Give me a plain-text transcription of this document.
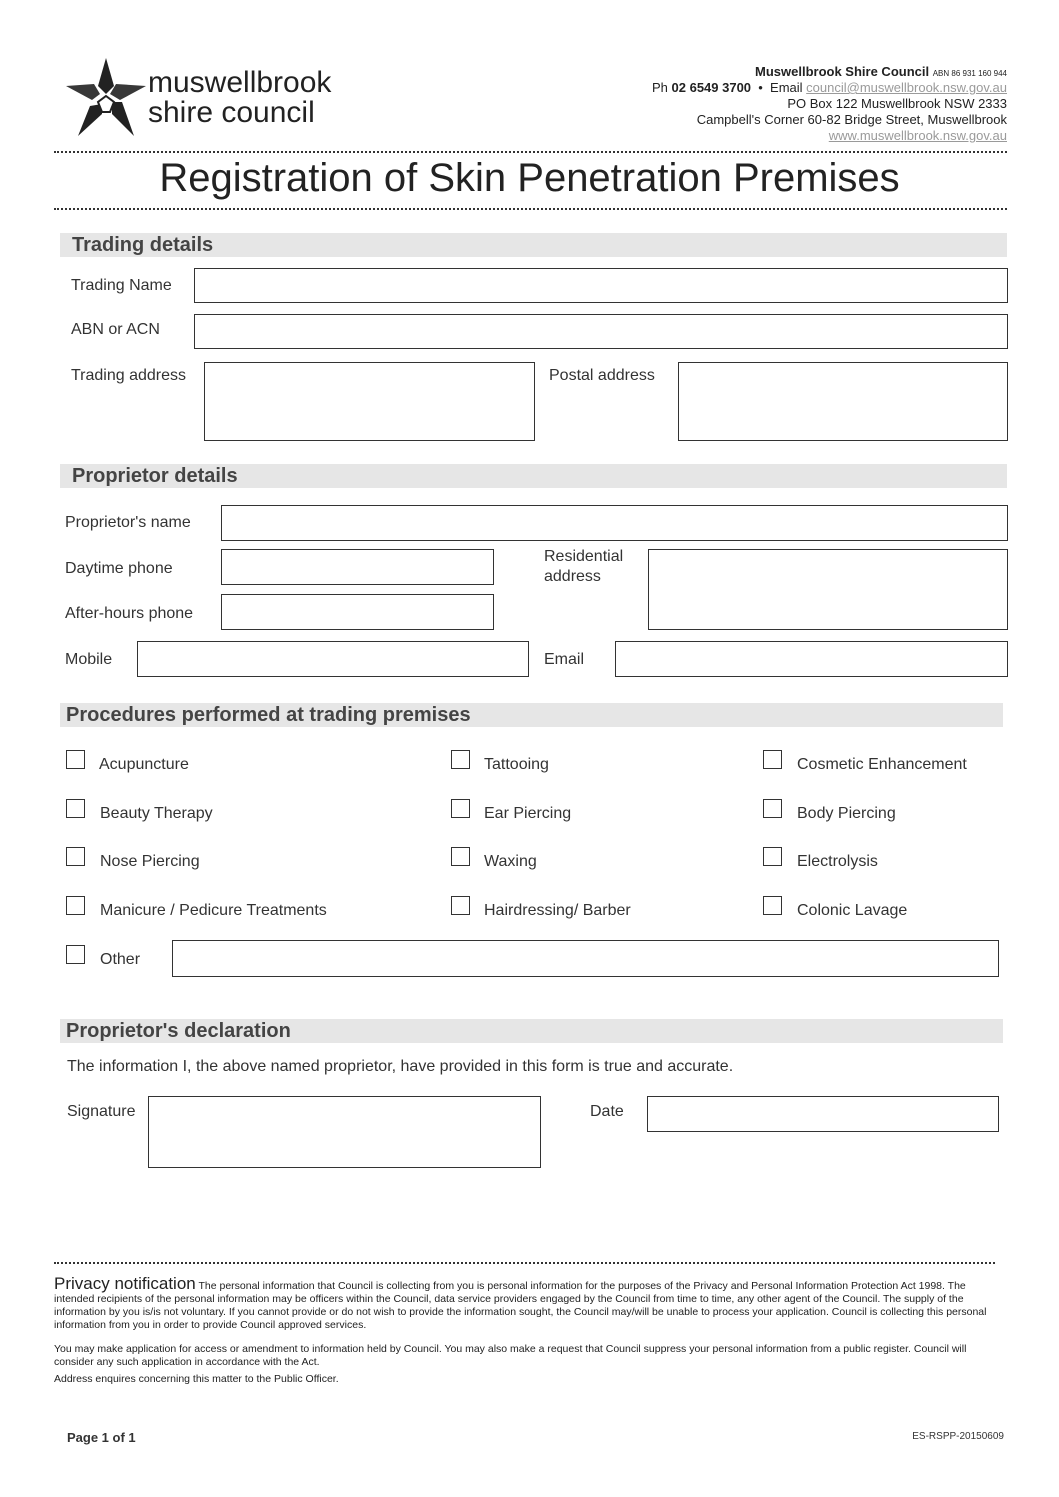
muswellbrook
shire council
Muswellbrook Shire Council ABN 86 931 160 944
Ph 02 6549 3700  •  Email council@muswellbrook.nsw.gov.au
PO Box 122 Muswellbrook NSW 2333
Campbell's Corner 60-82 Bridge Street, Muswellbrook
www.muswellbrook.nsw.gov.au
Registration of Skin Penetration Premises
Trading details
Trading Name
ABN or ACN
Trading address	Postal address
Proprietor details
Proprietor's name
Daytime phone
After-hours phone
Residential
address
Mobile	Email
Procedures performed at trading premises
Acupuncture	Tattooing	Cosmetic Enhancement
Beauty Therapy	Ear Piercing	Body Piercing
Nose Piercing	Waxing	Electrolysis
Manicure / Pedicure Treatments	Hairdressing/ Barber	Colonic Lavage
Other
Proprietor's declaration
The information I, the above named proprietor, have provided in this form is true and accurate.
Signature	Date
Privacy notification The personal information that Council is collecting from you is personal information for the purposes of the Privacy and Personal Information Protection Act 1998. The intended recipients of the personal information may be officers within the Council, data service providers engaged by the Council from time to time, any other agent of the Council. The supply of the information by you is/is not voluntary. If you cannot provide or do not wish to provide the information sought, the Council may/will be unable to process your application. Council is collecting this personal information from you in order to provide Council approved services.
You may make application for access or amendment to information held by Council. You may also make a request that Council suppress your personal information from a public register. Council will consider any such application in accordance with the Act.
Address enquires concerning this matter to the Public Officer.
Page 1 of 1	ES-RSPP-20150609
